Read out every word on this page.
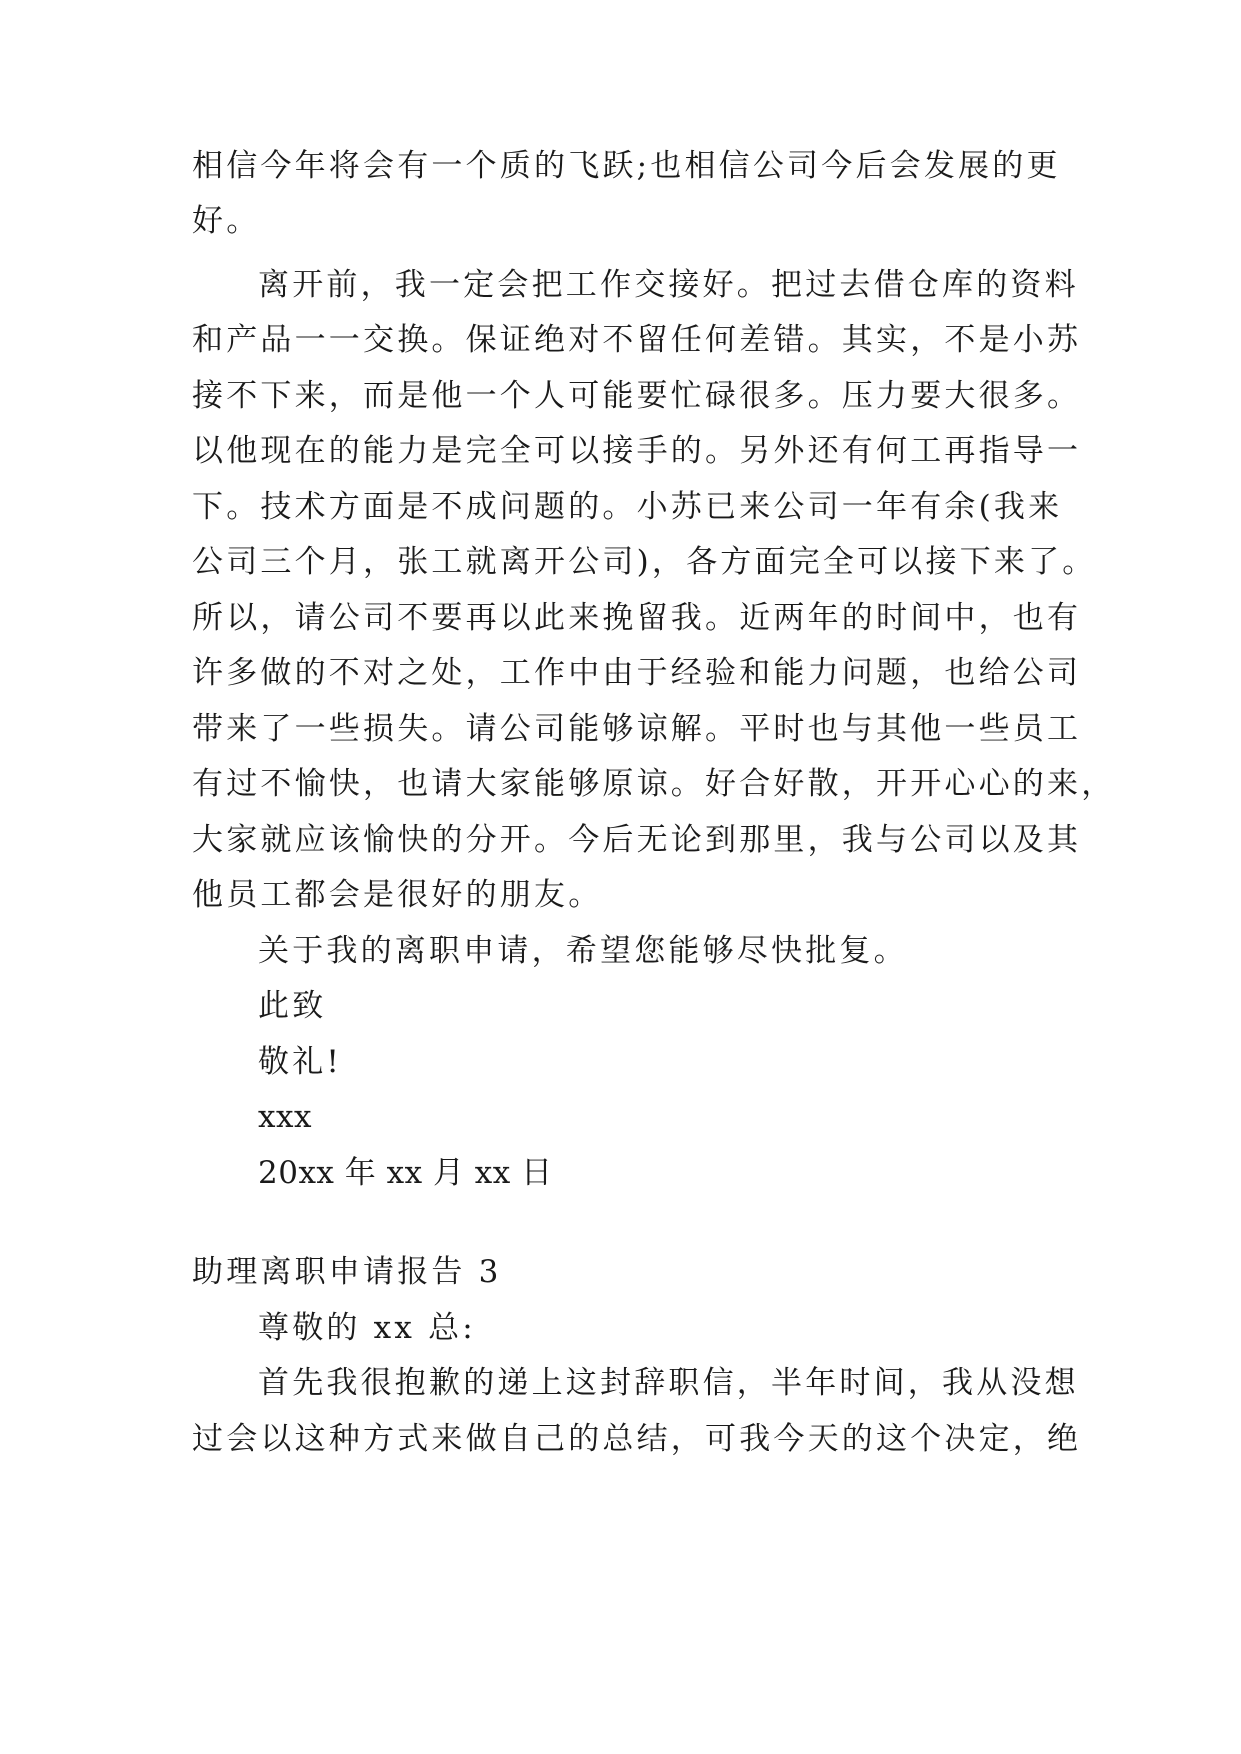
相信今年将会有一个质的飞跃;也相信公司今后会发展的更
好。
离开前，我一定会把工作交接好。把过去借仓库的资料
和产品一一交换。保证绝对不留任何差错。其实，不是小苏
接不下来，而是他一个人可能要忙碌很多。压力要大很多。
以他现在的能力是完全可以接手的。另外还有何工再指导一
下。技术方面是不成问题的。小苏已来公司一年有余(我来
公司三个月，张工就离开公司)，各方面完全可以接下来了。
所以，请公司不要再以此来挽留我。近两年的时间中，也有
许多做的不对之处，工作中由于经验和能力问题，也给公司
带来了一些损失。请公司能够谅解。平时也与其他一些员工
有过不愉快，也请大家能够原谅。好合好散，开开心心的来，
大家就应该愉快的分开。今后无论到那里，我与公司以及其
他员工都会是很好的朋友。
关于我的离职申请，希望您能够尽快批复。
此致
敬礼!
xxx
20xx 年 xx 月 xx 日
助理离职申请报告 3
尊敬的 xx 总:
首先我很抱歉的递上这封辞职信，半年时间，我从没想
过会以这种方式来做自己的总结，可我今天的这个决定，绝
